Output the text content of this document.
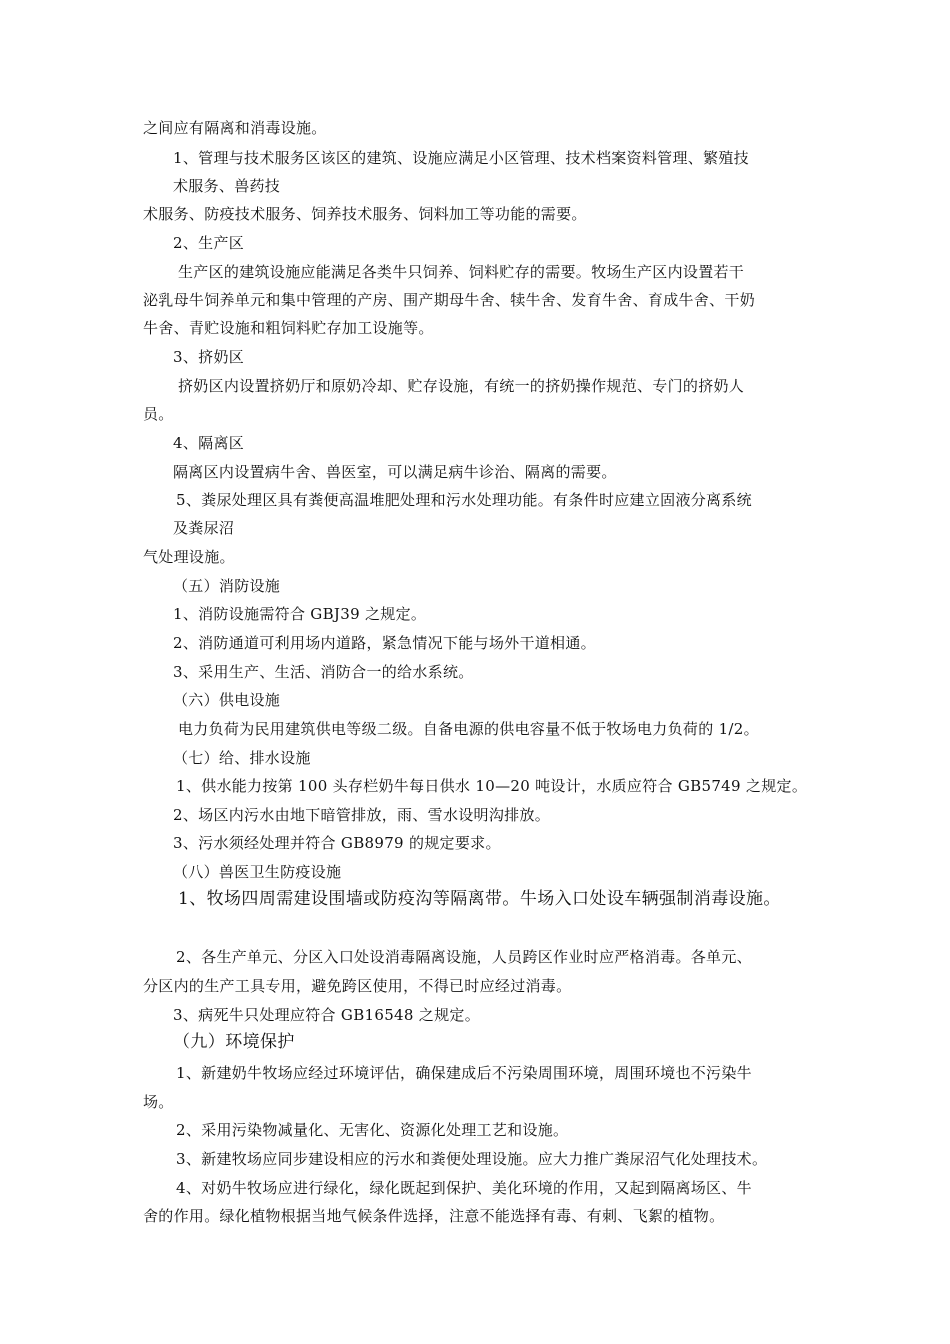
之间应有隔离和消毒设施。
1、管理与技术服务区该区的建筑、设施应满足小区管理、技术档案资料管理、繁殖技
术服务、兽药技
术服务、防疫技术服务、饲养技术服务、饲料加工等功能的需要。
2、生产区
生产区的建筑设施应能满足各类牛只饲养、饲料贮存的需要。牧场生产区内设置若干
泌乳母牛饲养单元和集中管理的产房、围产期母牛舍、犊牛舍、发育牛舍、育成牛舍、干奶
牛舍、青贮设施和粗饲料贮存加工设施等。
3、挤奶区
挤奶区内设置挤奶厅和原奶冷却、贮存设施，有统一的挤奶操作规范、专门的挤奶人
员。
4、隔离区
隔离区内设置病牛舍、兽医室，可以满足病牛诊治、隔离的需要。
5、粪尿处理区具有粪便高温堆肥处理和污水处理功能。有条件时应建立固液分离系统
及粪尿沼
气处理设施。
（五）消防设施
1、消防设施需符合 GBJ39 之规定。
2、消防通道可利用场内道路，紧急情况下能与场外干道相通。
3、采用生产、生活、消防合一的给水系统。
（六）供电设施
电力负荷为民用建筑供电等级二级。自备电源的供电容量不低于牧场电力负荷的 1/2。
（七）给、排水设施
1、供水能力按第 100 头存栏奶牛每日供水 10—20 吨设计，水质应符合 GB5749 之规定。
2、场区内污水由地下暗管排放，雨、雪水设明沟排放。
3、污水须经处理并符合 GB8979 的规定要求。
（八）兽医卫生防疫设施
1、牧场四周需建设围墙或防疫沟等隔离带。牛场入口处设车辆强制消毒设施。
2、各生产单元、分区入口处设消毒隔离设施，人员跨区作业时应严格消毒。各单元、
分区内的生产工具专用，避免跨区使用，不得已时应经过消毒。
3、病死牛只处理应符合 GB16548 之规定。
（九）环境保护
1、新建奶牛牧场应经过环境评估，确保建成后不污染周围环境，周围环境也不污染牛
场。
2、采用污染物减量化、无害化、资源化处理工艺和设施。
3、新建牧场应同步建设相应的污水和粪便处理设施。应大力推广粪尿沼气化处理技术。
4、对奶牛牧场应进行绿化，绿化既起到保护、美化环境的作用，又起到隔离场区、牛
舍的作用。绿化植物根据当地气候条件选择，注意不能选择有毒、有刺、飞絮的植物。
